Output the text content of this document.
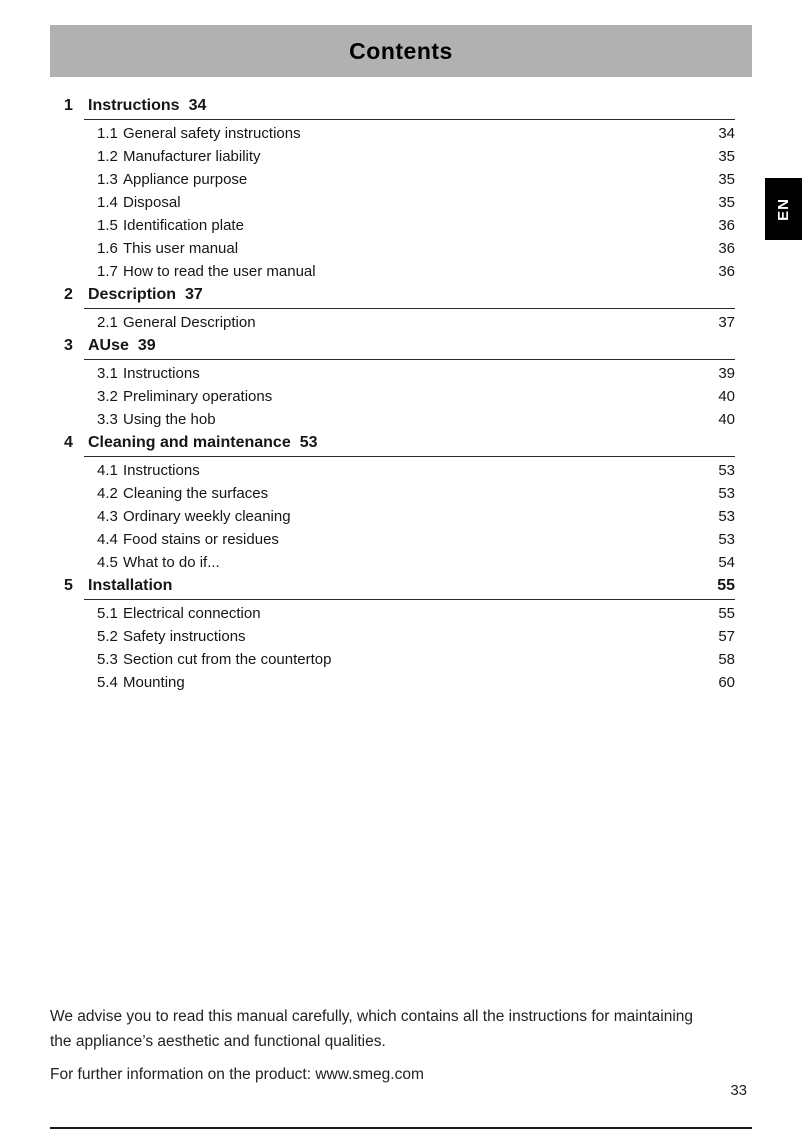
Contents
EN
1 Instructions 34
1.1 General safety instructions	34
1.2 Manufacturer liability	35
1.3 Appliance purpose	35
1.4 Disposal	35
1.5 Identification plate	36
1.6 This user manual	36
1.7 How to read the user manual	36
2 Description 37
2.1 General Description	37
3 AUse 39
3.1 Instructions	39
3.2 Preliminary operations	40
3.3 Using the hob	40
4 Cleaning and maintenance 53
4.1 Instructions	53
4.2 Cleaning the surfaces	53
4.3 Ordinary weekly cleaning	53
4.4 Food stains or residues	53
4.5 What to do if...	54
5 Installation	55
5.1 Electrical connection	55
5.2 Safety instructions	57
5.3 Section cut from the countertop	58
5.4 Mounting	60

We advise you to read this manual carefully, which contains all the instructions for maintaining the appliance’s aesthetic and functional qualities.

For further information on the product: www.smeg.com

33
